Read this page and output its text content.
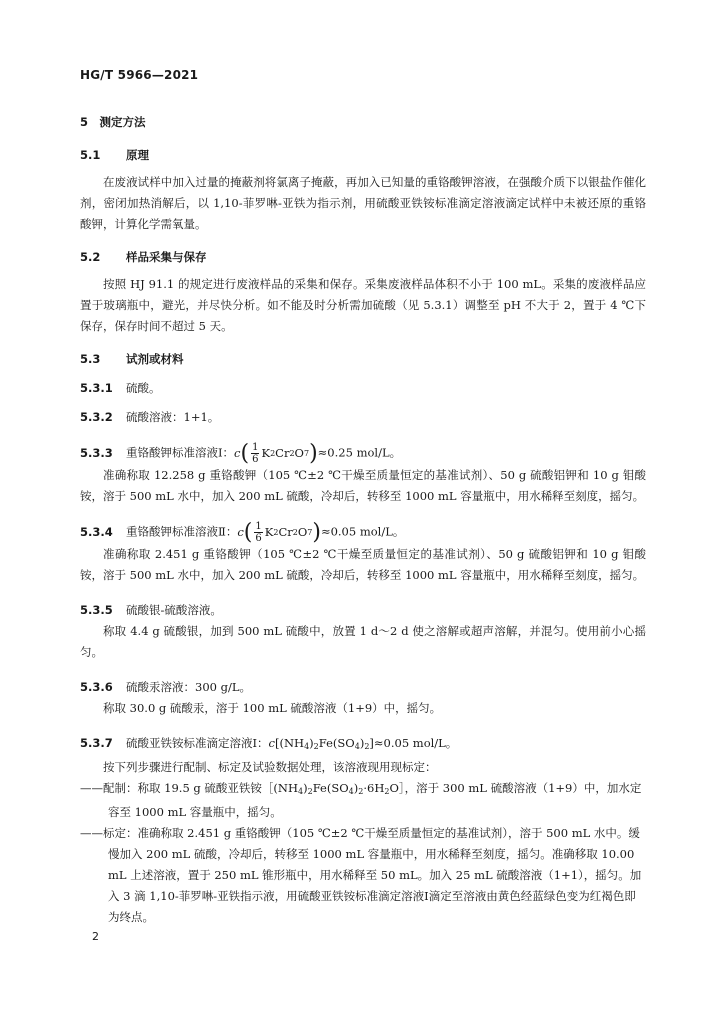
HG/T 5966—2021
5　测定方法
5.1 原理

在废液试样中加入过量的掩蔽剂将氯离子掩蔽，再加入已知量的重铬酸钾溶液，在强酸介质下以银盐作催化剂，密闭加热消解后，以 1,10-菲罗啉-亚铁为指示剂，用硫酸亚铁铵标准滴定溶液滴定试样中未被还原的重铬酸钾，计算化学需氧量。

5.2 样品采集与保存

按照 HJ 91.1 的规定进行废液样品的采集和保存。采集废液样品体积不小于 100 mL。采集的废液样品应置于玻璃瓶中，避光，并尽快分析。如不能及时分析需加硫酸（见 5.3.1）调整至 pH 不大于 2，置于 4 ℃下保存，保存时间不超过 5 天。

5.3 试剂或材料
5.3.1 硫酸。
5.3.2 硫酸溶液：1+1。
5.3.3 重铬酸钾标准溶液Ⅰ： c ( $\frac{1}{6}$ K 2 Cr 2 O 7 ) ≈0.25 mol/L。

准确称取 12.258 g 重铬酸钾（105 ℃±2 ℃干燥至质量恒定的基准试剂）、50 g 硫酸铝钾和 10 g 钼酸铵，溶于 500 mL 水中，加入 200 mL 硫酸，冷却后，转移至 1000 mL 容量瓶中，用水稀释至刻度，摇匀。

5.3.4 重铬酸钾标准溶液Ⅱ： c ( $\frac{1}{6}$ K 2 Cr 2 O 7 ) ≈0.05 mol/L。

准确称取 2.451 g 重铬酸钾（105 ℃±2 ℃干燥至质量恒定的基准试剂）、50 g 硫酸铝钾和 10 g 钼酸铵，溶于 500 mL 水中，加入 200 mL 硫酸，冷却后，转移至 1000 mL 容量瓶中，用水稀释至刻度，摇匀。

5.3.5 硫酸银-硫酸溶液。

称取 4.4 g 硫酸银，加到 500 mL 硫酸中，放置 1 d～2 d 使之溶解或超声溶解，并混匀。使用前小心摇匀。

5.3.6 硫酸汞溶液：300 g/L。

称取 30.0 g 硫酸汞，溶于 100 mL 硫酸溶液（1+9）中，摇匀。

5.3.7 硫酸亚铁铵标准滴定溶液Ⅰ：$c[(NH_4)_2Fe(SO_4)_2]\approx 0.05$ mol/L。

按下列步骤进行配制、标定及试验数据处理，该溶液现用现标定：

——配制：称取 19.5 g 硫酸亚铁铵$[(NH_4)_2Fe(SO_4)_2\cdot 6H_2O]$，溶于 300 mL 硫酸溶液（1+9）中，加水定容至 1000 mL 容量瓶中，摇匀。
——标定：准确称取 2.451 g 重铬酸钾（105 ℃±2 ℃干燥至质量恒定的基准试剂），溶于 500 mL 水中。缓慢加入 200 mL 硫酸，冷却后，转移至 1000 mL 容量瓶中，用水稀释至刻度，摇匀。准确移取 10.00 mL 上述溶液，置于 250 mL 锥形瓶中，用水稀释至 50 mL。加入 25 mL 硫酸溶液（1+1），摇匀。加入 3 滴 1,10-菲罗啉-亚铁指示液，用硫酸亚铁铵标准滴定溶液Ⅰ滴定至溶液由黄色经蓝绿色变为红褐色即为终点。
2
